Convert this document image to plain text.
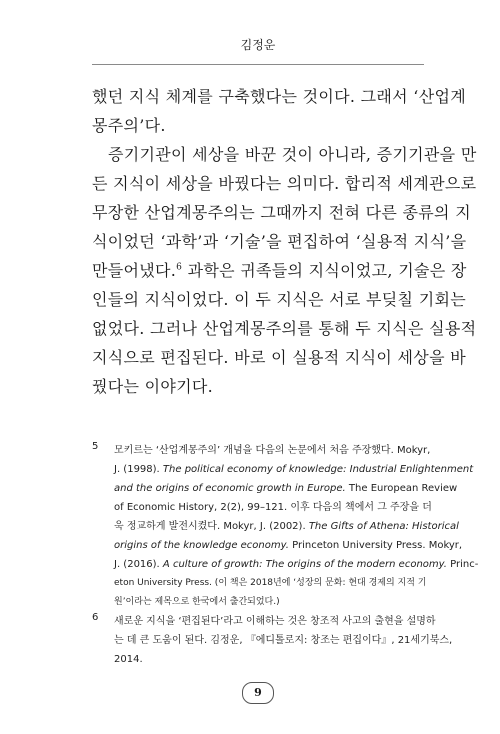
김정운
했던 지식 체계를 구축했다는 것이다. 그래서 ‘산업계
몽주의’다.
증기기관이 세상을 바꾼 것이 아니라, 증기기관을 만
든 지식이 세상을 바꿨다는 의미다. 합리적 세계관으로
무장한 산업계몽주의는 그때까지 전혀 다른 종류의 지
식이었던 ‘과학’과 ‘기술’을 편집하여 ‘실용적 지식’을
만들어냈다.$^6$ 과학은 귀족들의 지식이었고, 기술은 장
인들의 지식이었다. 이 두 지식은 서로 부딪칠 기회는
없었다. 그러나 산업계몽주의를 통해 두 지식은 실용적
지식으로 편집된다. 바로 이 실용적 지식이 세상을 바
꿨다는 이야기다.
5 모키르는 ‘산업계몽주의’ 개념을 다음의 논문에서 처음 주장했다. Mokyr,
J. (1998). The political economy of knowledge: Industrial Enlightenment
and the origins of economic growth in Europe. The European Review
of Economic History, 2(2), 99–121. 이후 다음의 책에서 그 주장을 더
욱 정교하게 발전시켰다. Mokyr, J. (2002). The Gifts of Athena: Historical
origins of the knowledge economy. Princeton University Press. Mokyr,
J. (2016). A culture of growth: The origins of the modern economy. Princ-
eton University Press. (이 책은 2018년에 ‘성장의 문화: 현대 경제의 지적 기
원’이라는 제목으로 한국에서 출간되었다.)
6 새로운 지식을 ‘편집된다’라고 이해하는 것은 창조적 사고의 출현을 설명하
는 데 큰 도움이 된다. 김정운, 『에디톨로지: 창조는 편집이다』, 21세기북스,
2014.
9
